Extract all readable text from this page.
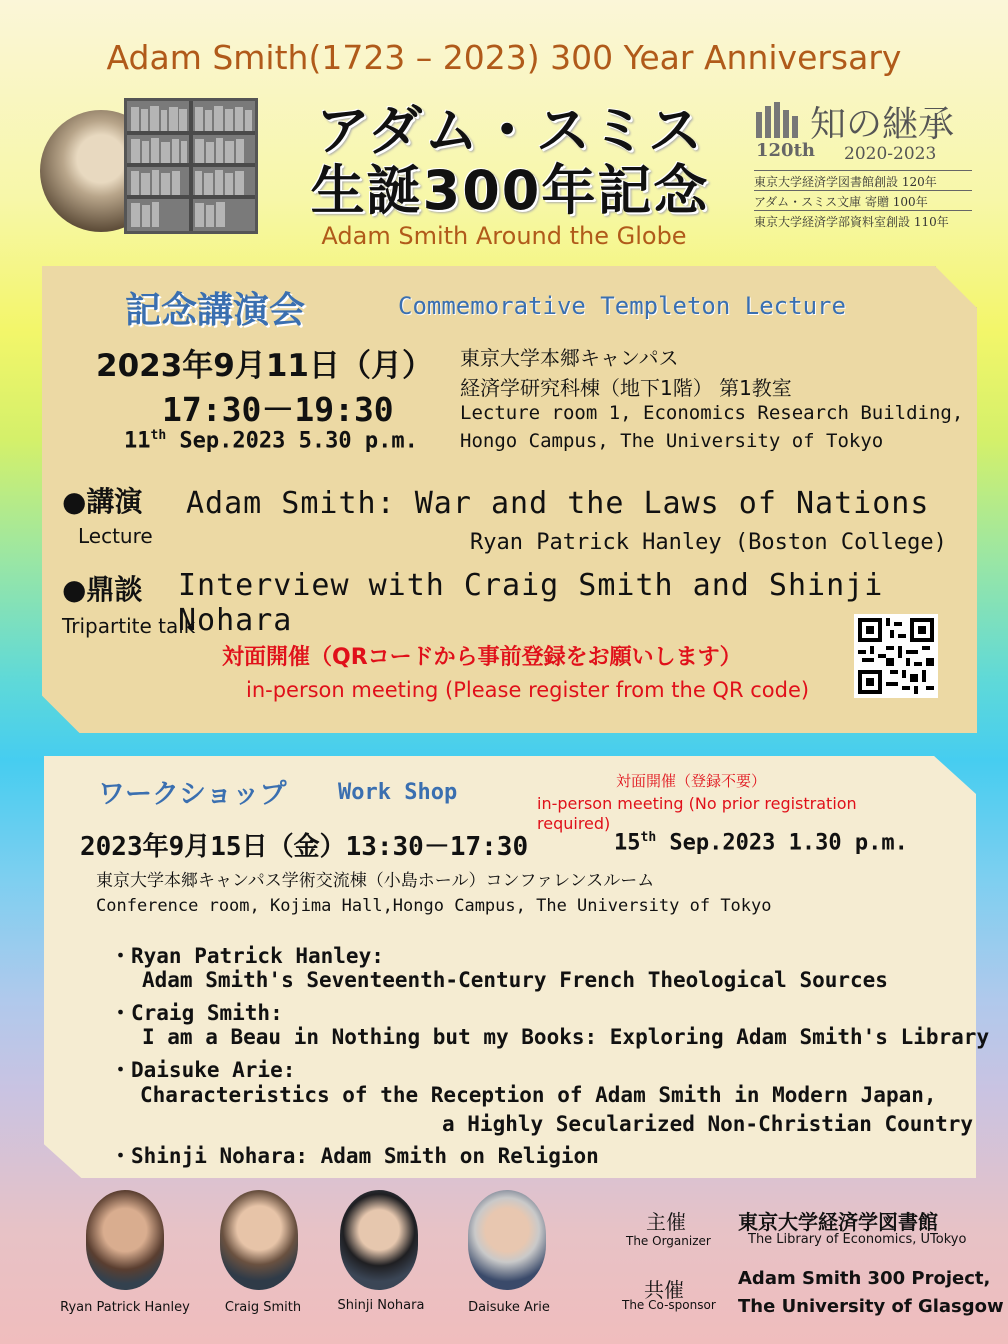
Adam Smith(1723 – 2023) 300 Year Anniversary
アダム・スミス
生誕300年記念
Adam Smith Around the Globe
知の継承
120th 2020-2023
東京大学経済学図書館創設 120年
アダム・スミス文庫 寄贈 100年
東京大学経済学部資料室創設 110年
記念講演会	Commemorative Templeton Lecture
2023年9月11日（月）
17:30－19:30
11th Sep.2023 5.30 p.m.
東京大学本郷キャンパス
経済学研究科棟（地下1階） 第1教室
Lecture room 1, Economics Research Building,
Hongo Campus, The University of Tokyo
●講演
Lecture
Adam Smith: War and the Laws of Nations
Ryan Patrick Hanley (Boston College)
●鼎談 Interview with Craig Smith and Shinji Nohara
Tripartite talk
対面開催（QRコードから事前登録をお願いします）
in-person meeting (Please register from the QR code)
ワークショップ Work Shop	対面開催（登録不要）
in-person meeting (No prior registration required)
2023年9月15日（金）13:30－17:30	15th Sep.2023 1.30 p.m.
東京大学本郷キャンパス学術交流棟（小島ホール）コンファレンスルーム
Conference room, Kojima Hall,Hongo Campus, The University of Tokyo
・Ryan Patrick Hanley:
Adam Smith's Seventeenth-Century French Theological Sources
・Craig Smith:
I am a Beau in Nothing but my Books: Exploring Adam Smith's Library
・Daisuke Arie:
Characteristics of the Reception of Adam Smith in Modern Japan,
a Highly Secularized Non-Christian Country
・Shinji Nohara: Adam Smith on Religion
Ryan Patrick Hanley	Craig Smith	Shinji Nohara	Daisuke Arie
主催
The Organizer
東京大学経済学図書館
The Library of Economics, UTokyo
共催
The Co-sponsor
Adam Smith 300 Project,
The University of Glasgow
